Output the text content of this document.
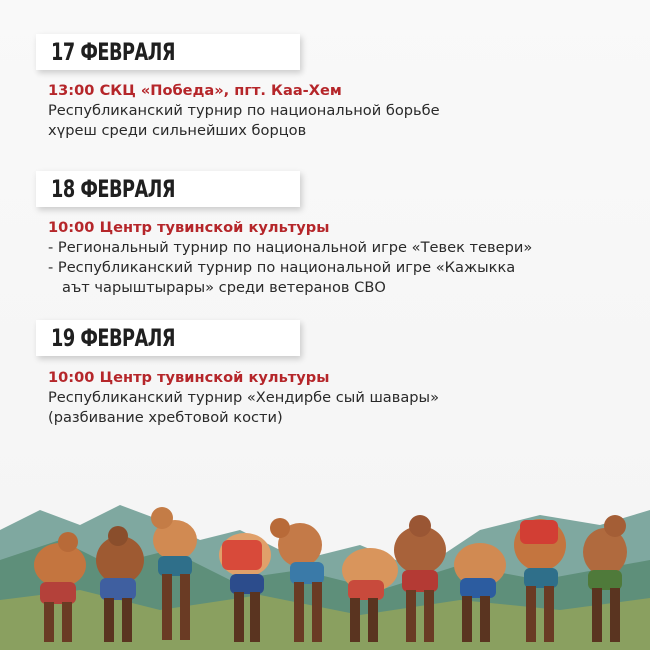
17 ФЕВРАЛЯ
13:00 СКЦ «Победа», пгт. Каа-Хем
Республиканский турнир по национальной борьбе
хүреш среди сильнейших борцов
18 ФЕВРАЛЯ
10:00 Центр тувинской культуры
- Региональный турнир по национальной игре «Тевек тевери»
- Республиканский турнир по национальной игре «Кажыкка
аът чарыштырары» среди ветеранов СВО
19 ФЕВРАЛЯ
10:00 Центр тувинской культуры
Республиканский турнир «Хендирбе сый шавары»
(разбивание хребтовой кости)
